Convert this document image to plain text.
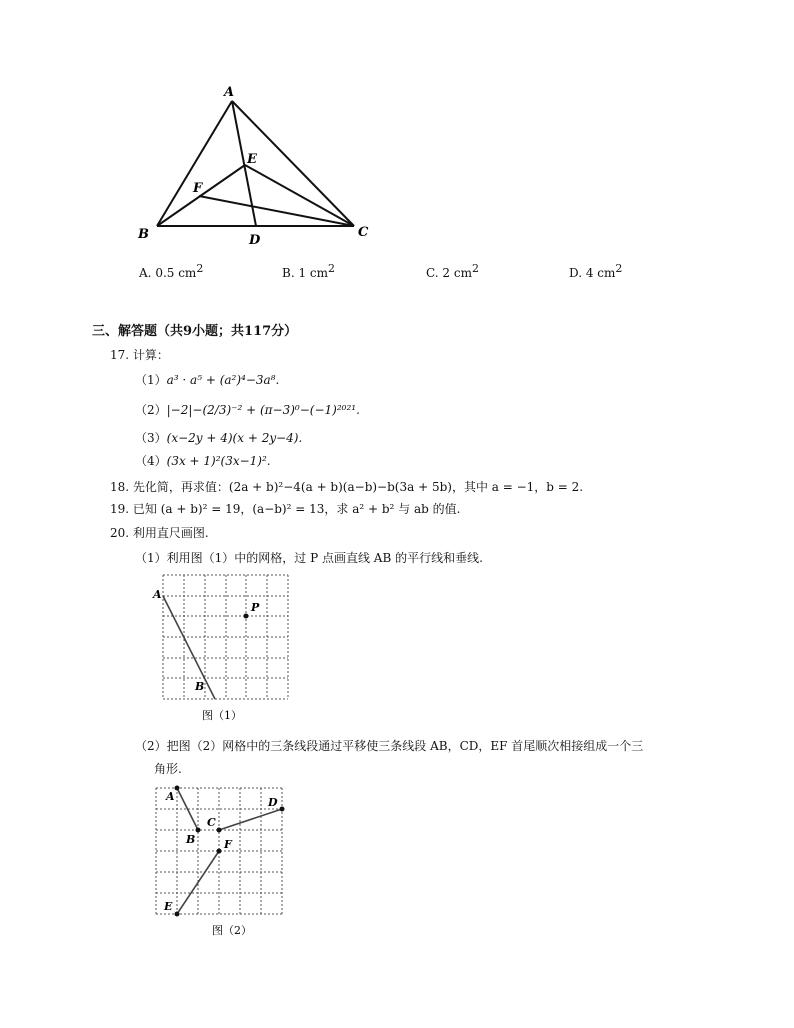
A
B	C
D
E
F
A. 0.5 $cm^2$	B. 1 $cm^2$	C. 2 $cm^2$	D. 4 $cm^2$
三、解答题（共9小题；共117分）
17. 计算：
（1）a³ · a⁵ + (a²)⁴−3a⁸.
（2）|−2|−(2/3)⁻² + (π−3)⁰−(−1)²⁰²¹.
（3）(x−2y + 4)(x + 2y−4).
（4）(3x + 1)²(3x−1)².
18. 先化简，再求值：(2a + b)²−4(a + b)(a−b)−b(3a + 5b)，其中 a = −1，b = 2.
19. 已知 (a + b)² = 19，(a−b)² = 13，求 a² + b² 与 ab 的值.
20. 利用直尺画图.
（1）利用图（1）中的网格，过 P 点画直线 AB 的平行线和垂线.
A
B
P
图（1）
（2）把图（2）网格中的三条线段通过平移使三条线段 AB，CD，EF 首尾顺次相接组成一个三
角形.
A
B
C
D
E
F
图（2）
